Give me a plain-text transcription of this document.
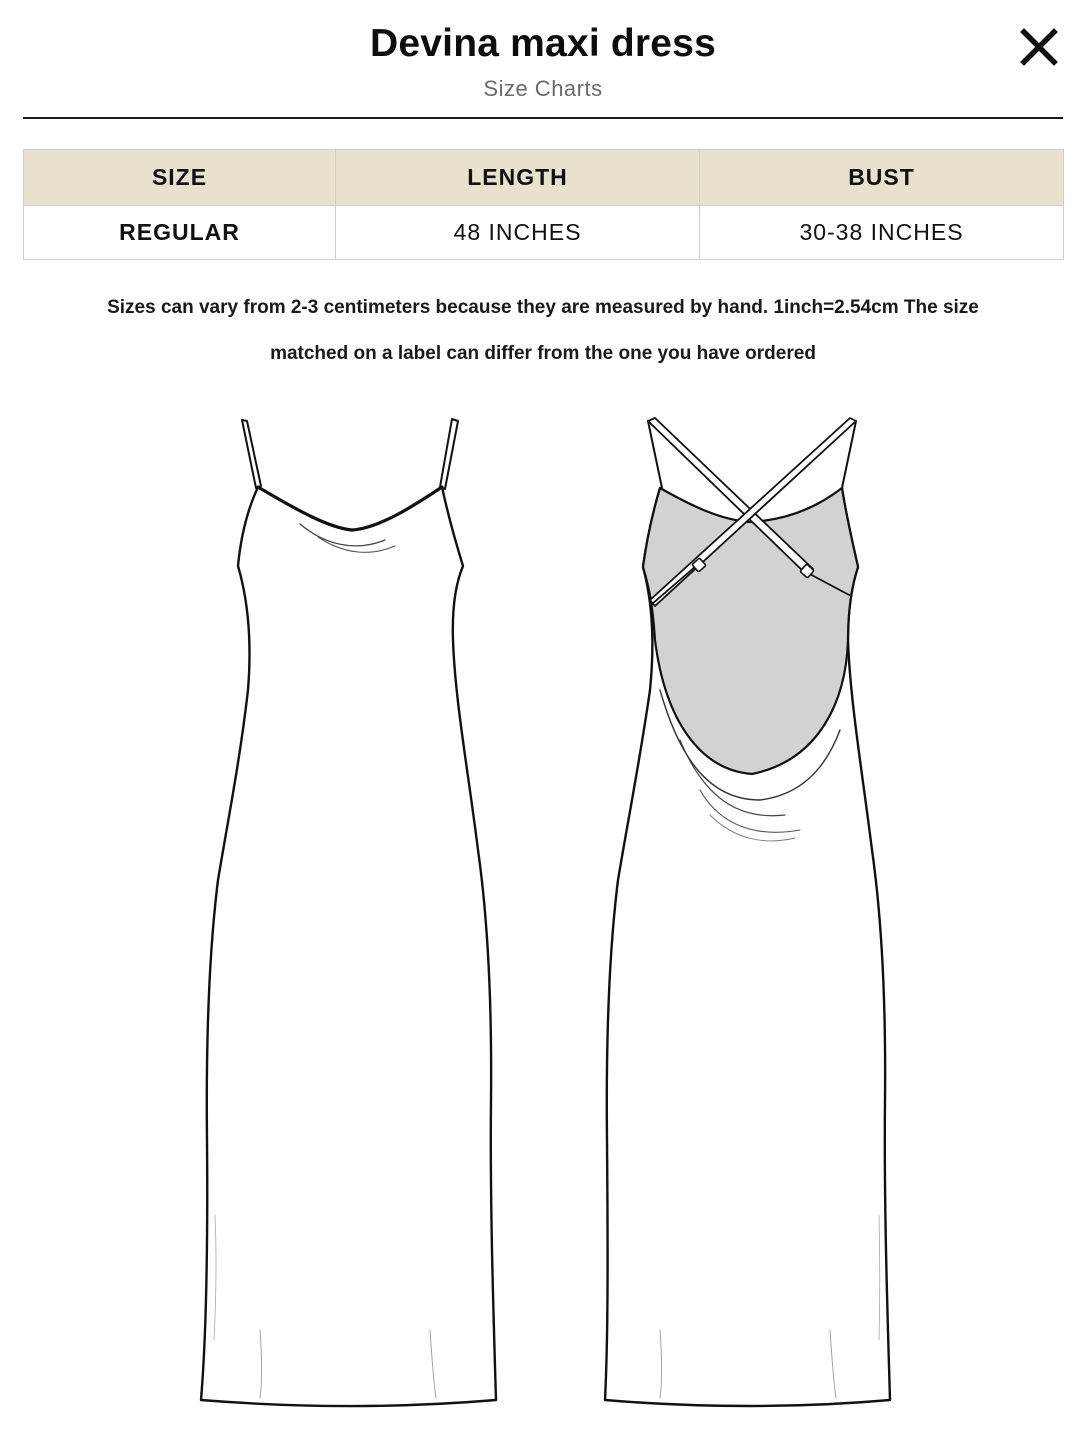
Devina maxi dress
Size Charts
SIZE	LENGTH	BUST
REGULAR	48 INCHES	30-38 INCHES
Sizes can vary from 2-3 centimeters because they are measured by hand. 1inch=2.54cm The size
matched on a label can differ from the one you have ordered
